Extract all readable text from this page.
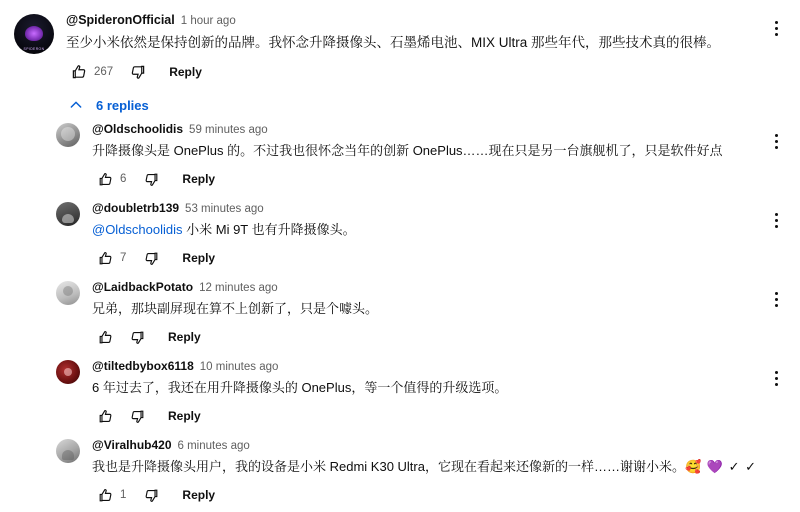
SPIDERON
@SpideronOfficial 1 hour ago
至少小米依然是保持创新的品牌。我怀念升降摄像头、石墨烯电池、MIX Ultra 那些年代，那些技术真的很棒。
267	Reply
6 replies
@Oldschoolidis 59 minutes ago
升降摄像头是 OnePlus 的。不过我也很怀念当年的创新 OnePlus……现在只是另一台旗舰机了，只是软件好点
6	Reply
@doubletrb139 53 minutes ago
@Oldschoolidis 小米 Mi 9T 也有升降摄像头。
7	Reply
@LaidbackPotato 12 minutes ago
兄弟，那块副屏现在算不上创新了，只是个噱头。
Reply
@tiltedbybox6118 10 minutes ago
6 年过去了，我还在用升降摄像头的 OnePlus，等一个值得的升级选项。
Reply
@Viralhub420 6 minutes ago
我也是升降摄像头用户，我的设备是小米 Redmi K30 Ultra，它现在看起来还像新的一样……谢谢小米。🥰 💜 ✓ ✓
1	Reply
